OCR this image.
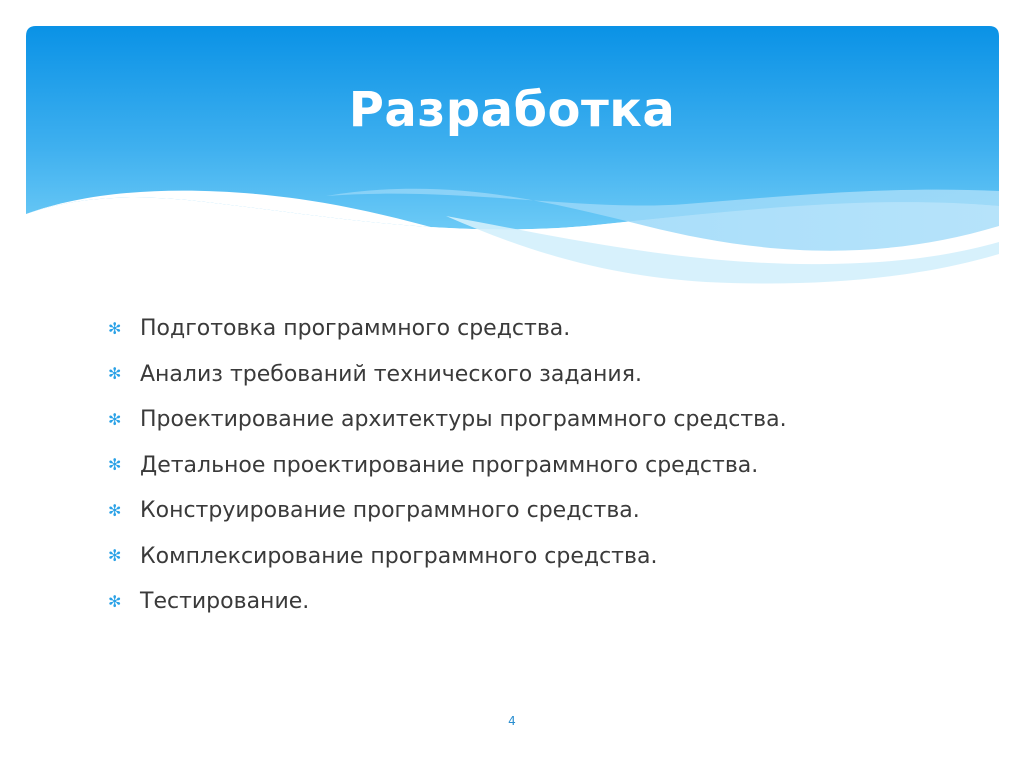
Разработка
✻ Подготовка программного средства.
✻ Анализ требований технического задания.
✻ Проектирование архитектуры программного средства.
✻ Детальное проектирование программного средства.
✻ Конструирование программного средства.
✻ Комплексирование программного средства.
✻ Тестирование.
4
